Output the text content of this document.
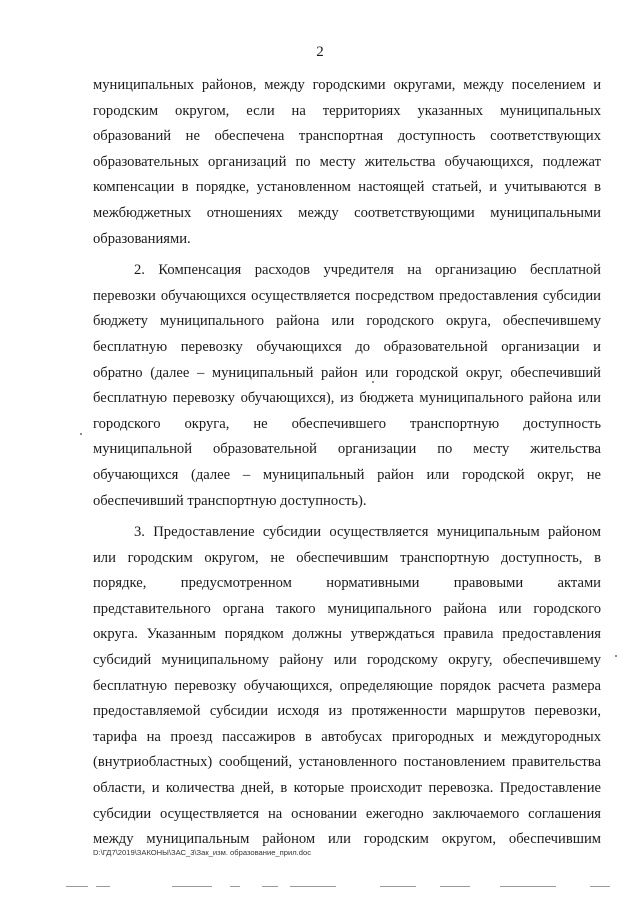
2

муниципальных районов, между городскими округами, между поселением и

городским округом, если на территориях указанных муниципальных

образований не обеспечена транспортная доступность соответствующих

образовательных организаций по месту жительства обучающихся, подлежат

компенсации в порядке, установленном настоящей статьей, и учитываются в

межбюджетных отношениях между соответствующими муниципальными

образованиями.

2. Компенсация расходов учредителя на организацию бесплатной

перевозки обучающихся осуществляется посредством предоставления субсидии

бюджету муниципального района или городского округа, обеспечившему

бесплатную перевозку обучающихся до образовательной организации и

обратно (далее – муниципальный район или городской округ, обеспечивший

бесплатную перевозку обучающихся), из бюджета муниципального района или

городского округа, не обеспечившего транспортную доступность

муниципальной образовательной организации по месту жительства

обучающихся (далее – муниципальный район или городской округ, не

обеспечивший транспортную доступность).

3. Предоставление субсидии осуществляется муниципальным районом

или городским округом, не обеспечившим транспортную доступность, в

порядке, предусмотренном нормативными правовыми актами

представительного органа такого муниципального района или городского

округа. Указанным порядком должны утверждаться правила предоставления

субсидий муниципальному району или городскому округу, обеспечившему

бесплатную перевозку обучающихся, определяющие порядок расчета размера

предоставляемой субсидии исходя из протяженности маршрутов перевозки,

тарифа на проезд пассажиров в автобусах пригородных и междугородных

(внутриобластных) сообщений, установленного постановлением правительства

области, и количества дней, в которые происходит перевозка. Предоставление

субсидии осуществляется на основании ежегодно заключаемого соглашения

между муниципальным районом или городским округом, обеспечившим

D:\ГД7\2019\ЗАКОНЫ\ЗАС_3\Зак_изм. образование_прил.doc
